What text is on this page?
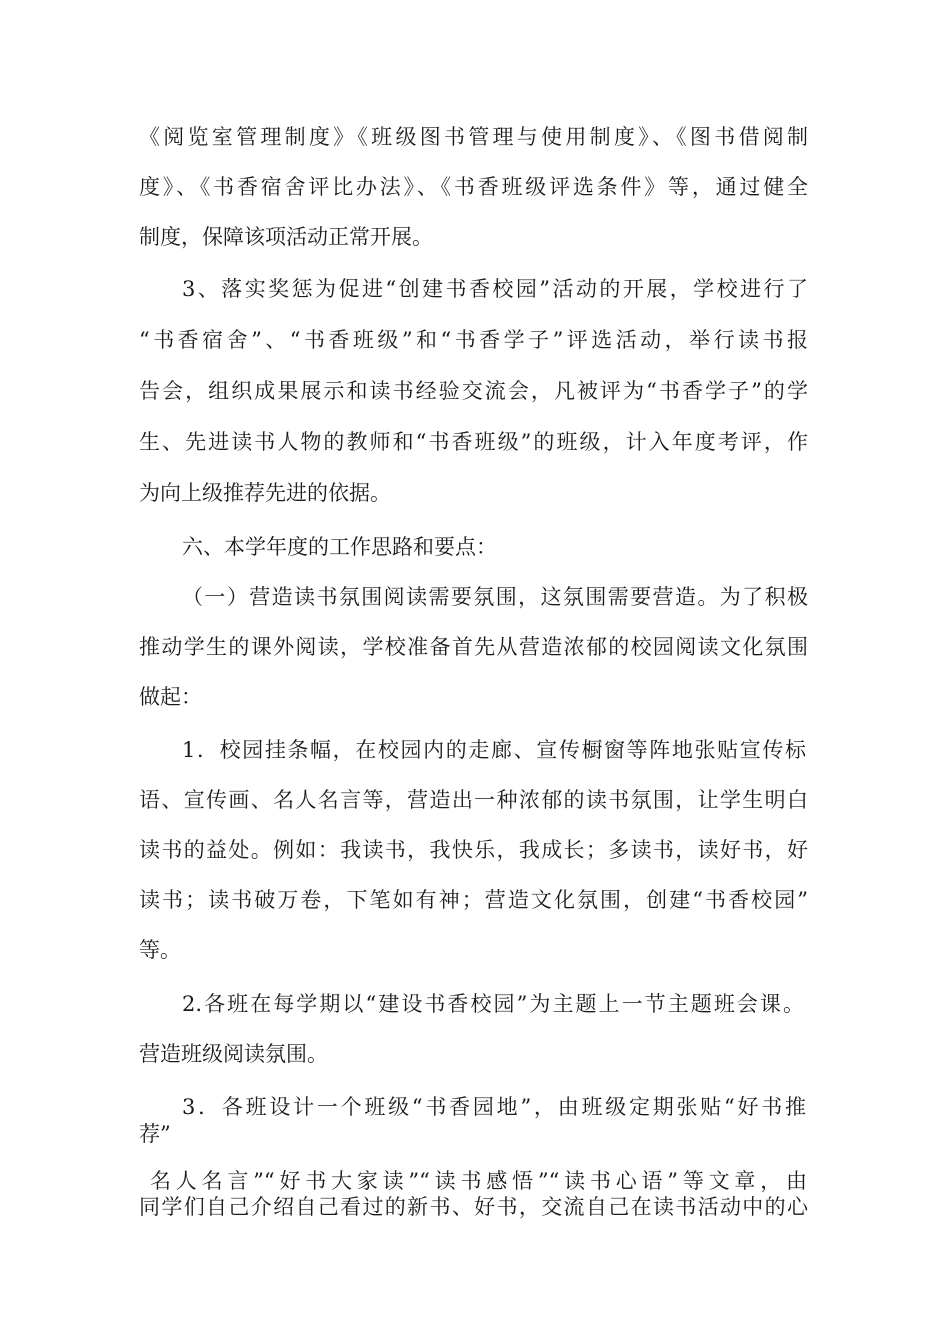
《阅览室管理制度》《班级图书管理与使用制度》、《图书借阅制
度》、《书香宿舍评比办法》、《书香班级评选条件》等，通过健全
制度，保障该项活动正常开展。
3、落实奖惩为促进“创建书香校园”活动的开展，学校进行了
“书香宿舍”、“书香班级”和“书香学子”评选活动，举行读书报
告会，组织成果展示和读书经验交流会，凡被评为“书香学子”的学
生、先进读书人物的教师和“书香班级”的班级，计入年度考评，作
为向上级推荐先进的依据。
六、本学年度的工作思路和要点：
（一）营造读书氛围阅读需要氛围，这氛围需要营造。为了积极
推动学生的课外阅读，学校准备首先从营造浓郁的校园阅读文化氛围
做起：
1．校园挂条幅，在校园内的走廊、宣传橱窗等阵地张贴宣传标
语、宣传画、名人名言等，营造出一种浓郁的读书氛围，让学生明白
读书的益处。例如：我读书，我快乐，我成长；多读书，读好书，好
读书；读书破万卷，下笔如有神；营造文化氛围，创建“书香校园”
等。
2.各班在每学期以“建设书香校园”为主题上一节主题班会课。
营造班级阅读氛围。
3．各班设计一个班级“书香园地”，由班级定期张贴“好书推
荐”
名人名言”“好书大家读”“读书感悟”“读书心语”等文章，由
同学们自己介绍自己看过的新书、好书，交流自己在读书活动中的心
